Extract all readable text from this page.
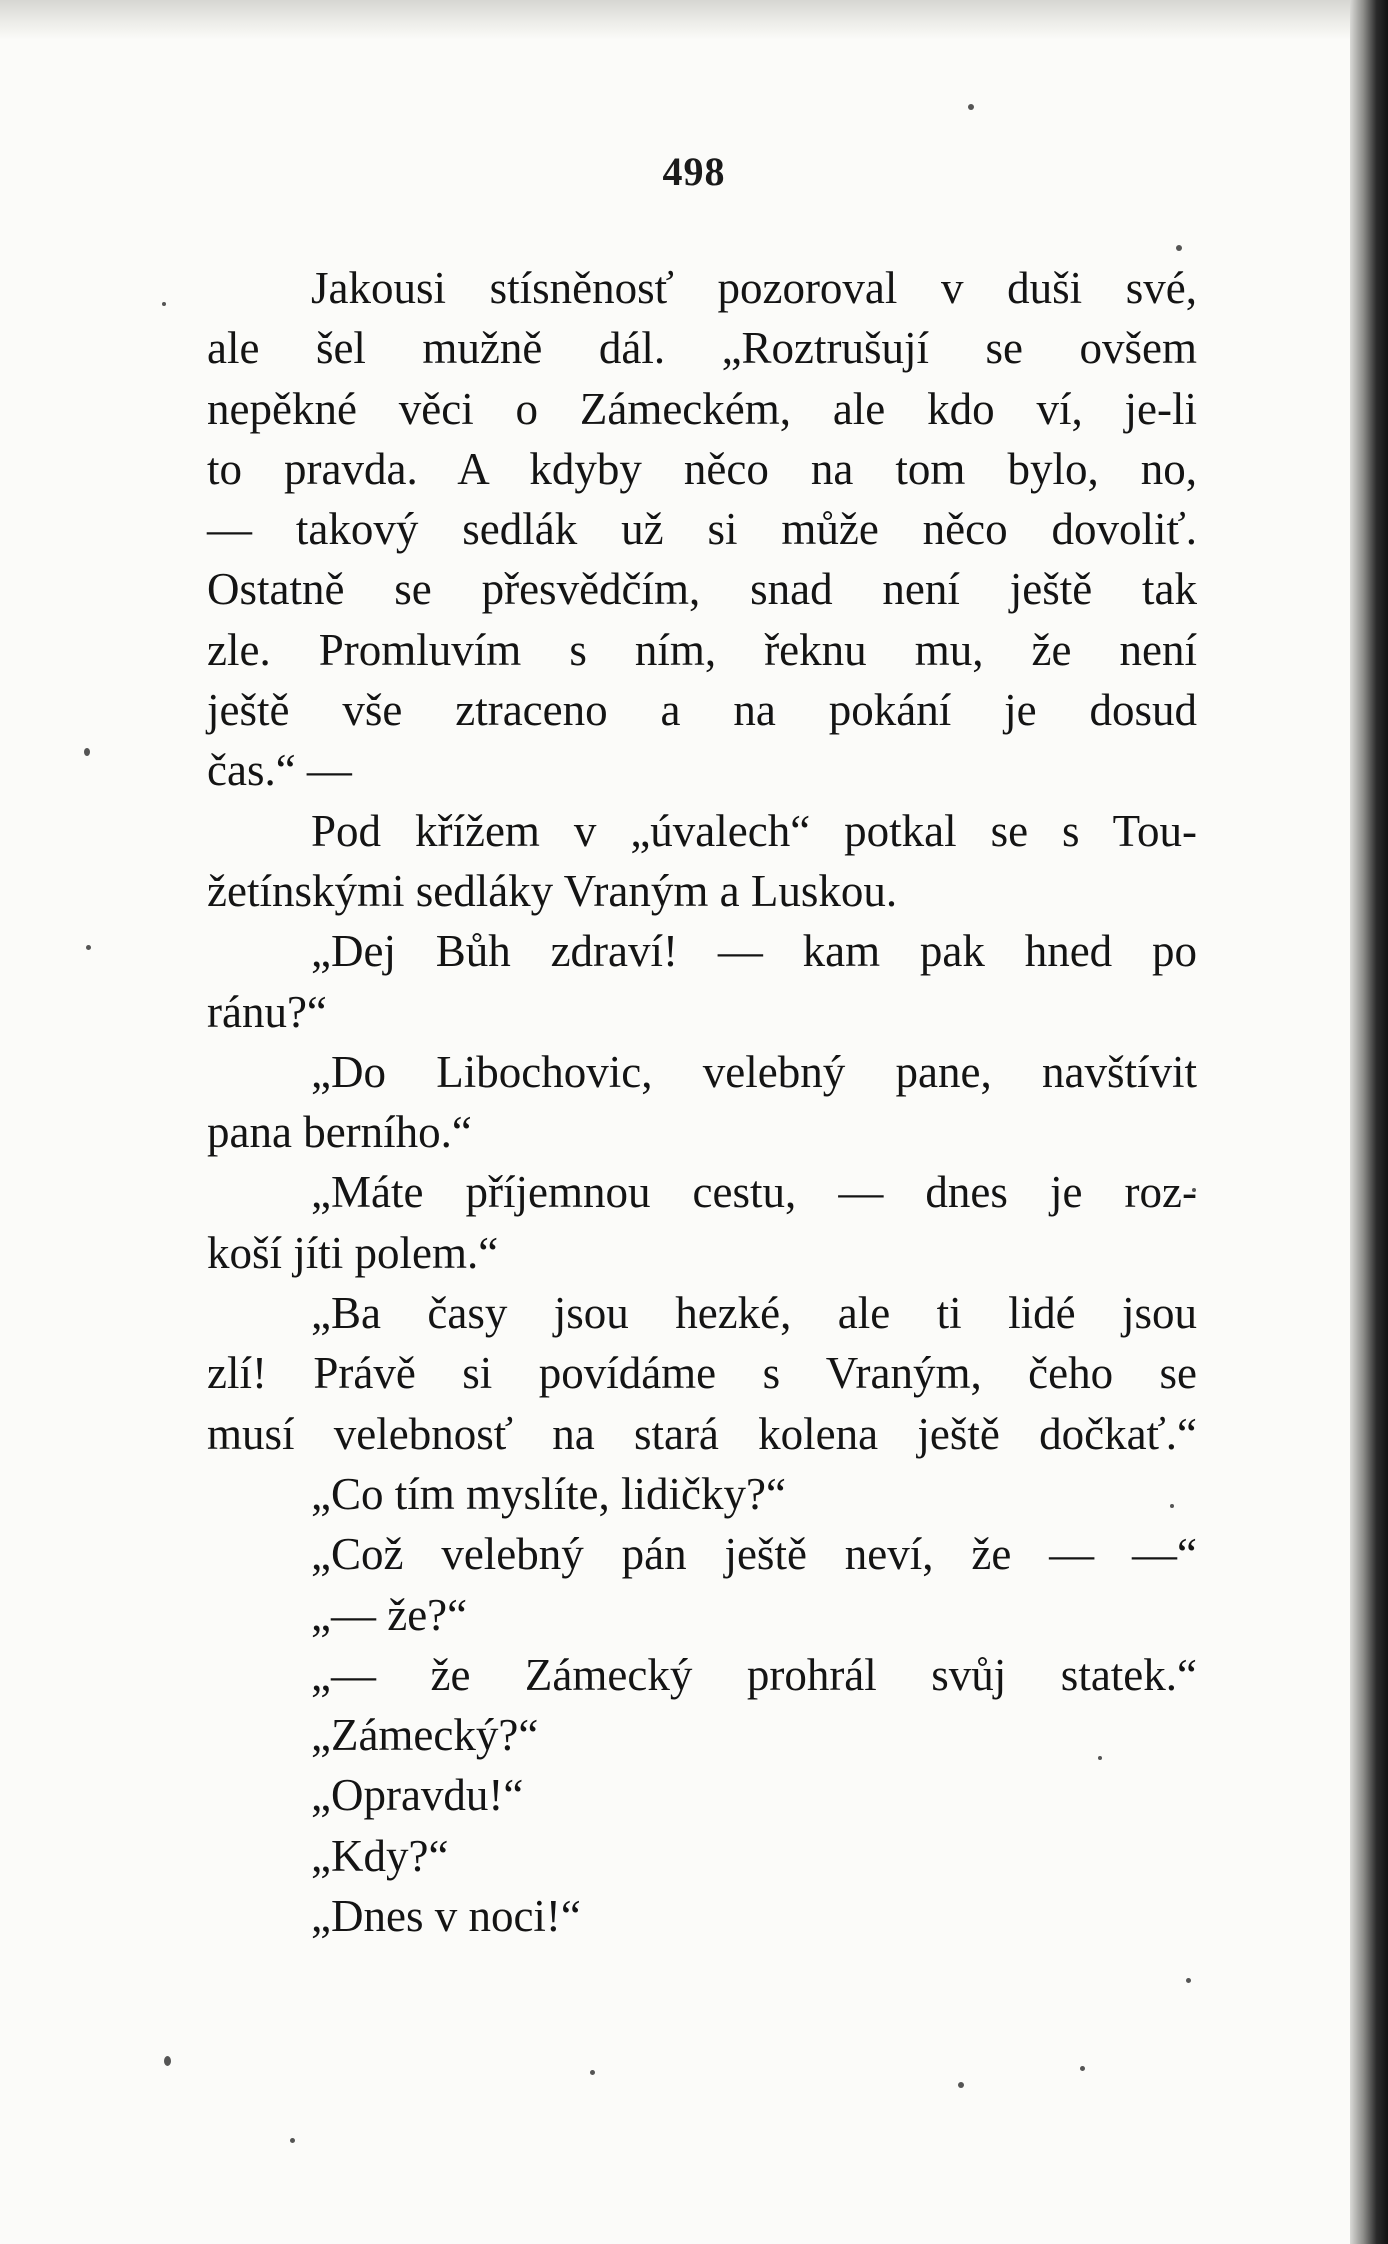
498
Jakousi stísněnosť pozoroval v duši své,
ale šel mužně dál. „Roztrušují se ovšem
nepěkné věci o Zámeckém, ale kdo ví, je-li
to pravda. A kdyby něco na tom bylo, no,
— takový sedlák už si může něco dovoliť.
Ostatně se přesvědčím, snad není ještě tak
zle. Promluvím s ním, řeknu mu, že není
ještě vše ztraceno a na pokání je dosud
čas.“ —
Pod křížem v „úvalech“ potkal se s Tou-
žetínskými sedláky Vraným a Luskou.
„Dej Bůh zdraví! — kam pak hned po
ránu?“
„Do Libochovic, velebný pane, navštívit
pana berního.“
„Máte příjemnou cestu, — dnes je roz-
koší jíti polem.“
„Ba časy jsou hezké, ale ti lidé jsou
zlí! Právě si povídáme s Vraným, čeho se
musí velebnosť na stará kolena ještě dočkať.“
„Co tím myslíte, lidičky?“
„Což velebný pán ještě neví, že — —“
„— že?“
„— že Zámecký prohrál svůj statek.“
„Zámecký?“
„Opravdu!“
„Kdy?“
„Dnes v noci!“
